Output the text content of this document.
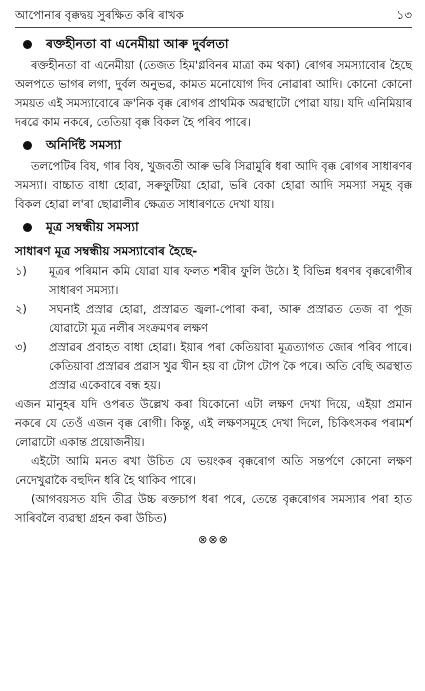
আপোনাৰ বৃক্কদ্বয় সুৰক্ষিত কৰি ৰাখক	১৩
ৰক্তহীনতা বা এনেমীয়া আৰু দুৰ্বলতা

ৰক্তহীনতা বা এনেমীয়া (তেজত হিম'গ্লবিনৰ মাত্ৰা কম থকা) ৰোগৰ সমস্যাবোৰ হৈছে অলপতে ভাগৰ লগা, দুৰ্বল অনুভৱ, কামত মনোযোগ দিব নোৱাৰা আদি। কোনো কোনো সময়ত এই সমস্যাবোৰে ক্ৰ'নিক বৃক্ক ৰোগৰ প্ৰাথমিক অৱস্থাটো পোৱা যায়। যদি এনিমিয়াৰ দৰৱে কাম নকৰে, তেতিয়া বৃক্ক বিকল হৈ পৰিব পাৰে।

অনিৰ্দিষ্ট সমস্যা

তলপেটিৰ বিষ, গাৰ বিষ, খুজবতী আৰু ভৰি সিৱামুৰি ধৰা আদি বৃক্ক ৰোগৰ সাধাৰণৰ সমস্যা। বাচ্চাত বাধা হোৱা, সৰুফুটিয়া হোৱা, ভৰি বেকা হোৱা আদি সমস্যা সমূহ বৃক্ক বিকল হোৱা ল'ৰা ছোৱালীৰ ক্ষেত্ৰত সাধাৰণতে দেখা যায়।

মূত্ৰ সম্বন্ধীয় সমস্যা
সাধাৰণ মূত্ৰ সম্বন্ধীয় সমস্যাবোৰ হৈছে-
১)	মূত্ৰৰ পৰিমান কমি যোৱা যাৰ ফলত শৰীৰ ফুলি উঠে। ই বিভিন্ন ধৰণৰ বৃক্কৰোগীৰ সাধাৰণ সমস্যা।
২)	সঘনাই প্ৰস্ৰাৱ হোৱা, প্ৰস্ৰাৱত জ্বলা-পোৰা কৰা, আৰু প্ৰস্ৰাৱত তেজ বা পূজ যোৱাটো মূত্ৰ নলীৰ সংক্ৰমণৰ লক্ষণ
৩)	প্ৰস্ৰাৱৰ প্ৰবাহত বাধা হোৱা। ইয়াৰ পৰা কেতিয়াবা মূত্ৰত্যাগত জোৰ পৰিব পাৰে। কেতিয়াবা প্ৰস্ৰাৱৰ প্ৰৱাস খুৱ খীন হয় বা টোপ টোপ কৈ পৰে। অতি বেছি অৱস্থাত প্ৰস্ৰাৱ একেবাৰে বন্ধ হয়।

এজন মানুহৰ যদি ওপৰত উল্লেখ কৰা যিকোনো এটা লক্ষণ দেখা দিয়ে, এইয়া প্ৰমান নকৰে যে তেওঁ এজন বৃক্ক ৰোগী। কিন্তু, এই লক্ষণসমূহে দেখা দিলে, চিকিৎসকৰ পৰামৰ্শ লোৱাটো একান্ত প্ৰয়োজনীয়।

এইটো আমি মনত ৰখা উচিত যে ভয়ংকৰ বৃক্কৰোগ অতি সন্তৰ্পণে কোনো লক্ষণ নেদেখুৱাকৈ বহুদিন ধৰি হৈ থাকিব পাৰে।

(আগবয়সত যদি তীব্ৰ উচ্চ ৰক্তচাপ ধৰা পৰে, তেন্তে বৃক্কৰোগৰ সমস্যাৰ পৰা হাত সাৰিবলৈ ব্যৱস্থা গ্ৰহন কৰা উচিত)

⊗⊗⊗
